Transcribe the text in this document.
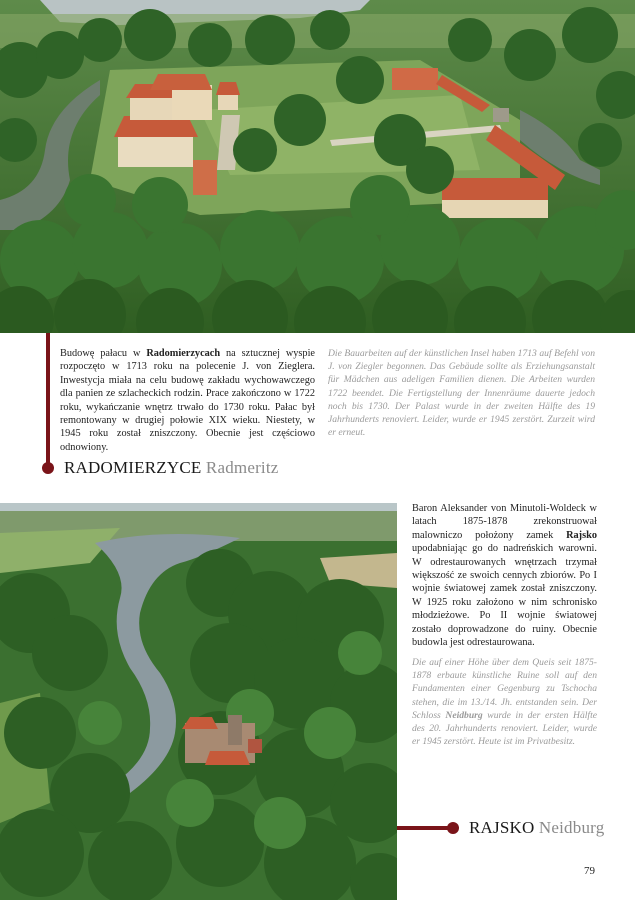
Budowę pałacu w Radomierzycach na sztucznej wyspie rozpoczęto w 1713 roku na polecenie J. von Zieglera. Inwestycja miała na celu budowę zakładu wychowawczego dla panien ze szlacheckich rodzin. Prace zakończono w 1722 roku, wykańczanie wnętrz trwało do 1730 roku. Pałac był remontowany w drugiej połowie XIX wieku. Niestety, w 1945 roku został zniszczony. Obecnie jest częściowo odnowiony.
Die Bauarbeiten auf der künstlichen Insel haben 1713 auf Befehl von J. von Ziegler begonnen. Das Gebäude sollte als Erziehungsanstalt für Mädchen aus adeligen Familien dienen. Die Arbeiten wurden 1722 beendet. Die Fertigstellung der Innenräume dauerte jedoch noch bis 1730. Der Palast wurde in der zweiten Hälfte des 19 Jahrhunderts renoviert. Leider, wurde er 1945 zerstört. Zurzeit wird er erneut.
RADOMIERZYCE Radmeritz
Baron Aleksander von Minutoli-Woldeck w latach 1875-1878 zrekonstruował malowniczo położony zamek Rajsko upodabniając go do nadreńskich warowni. W odrestaurowanych wnętrzach trzymał większość ze swoich cennych zbiorów. Po I wojnie światowej zamek został zniszczony. W 1925 roku założono w nim schronisko młodzieżowe. Po II wojnie światowej zostało doprowadzone do ruiny. Obecnie budowla jest odrestaurowana.
Die auf einer Höhe über dem Queis seit 1875-1878 erbaute künstliche Ruine soll auf den Fundamenten einer Gegenburg zu Tschocha stehen, die im 13./14. Jh. entstanden sein. Der Schloss Neidburg wurde in der ersten Hälfte des 20. Jahrhunderts renoviert. Leider, wurde er 1945 zerstört. Heute ist im Privatbesitz.
RAJSKO Neidburg
79
